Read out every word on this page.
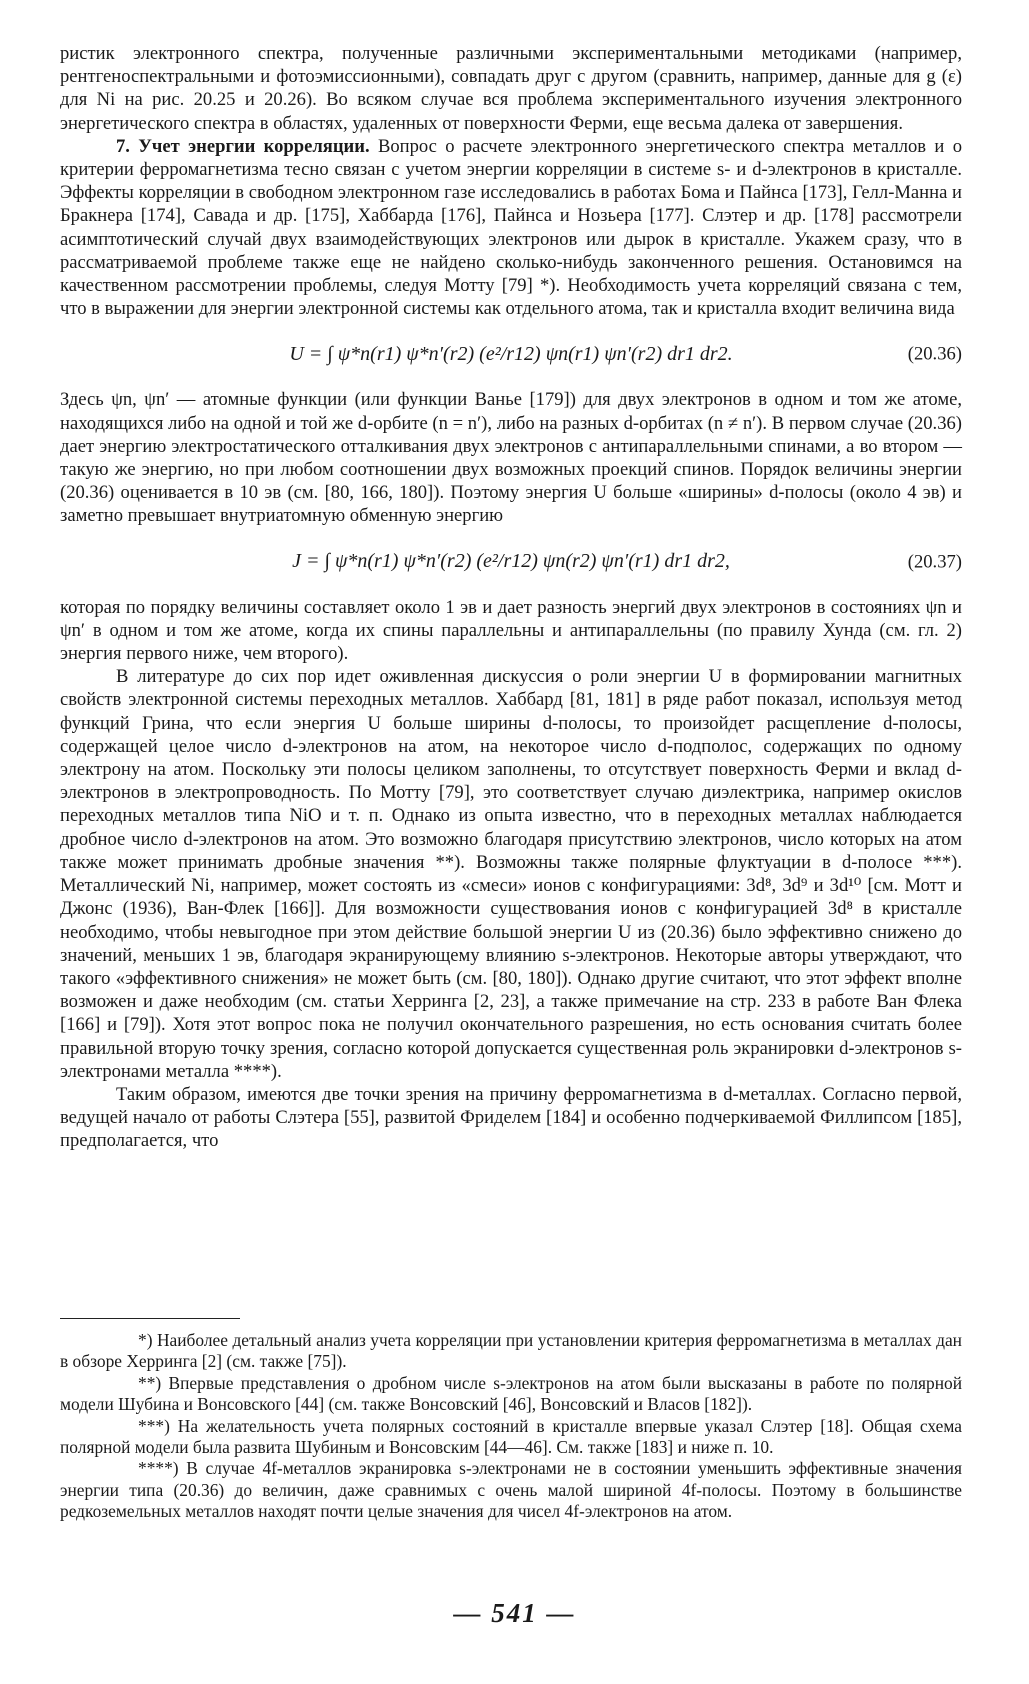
ристик электронного спектра, полученные различными экспериментальными методиками (например, рентгеноспектральными и фотоэмиссионными), совпадать друг с другом (сравнить, например, данные для g (ε) для Ni на рис. 20.25 и 20.26). Во всяком случае вся проблема экспериментального изучения электронного энергетического спектра в областях, удаленных от поверхности Ферми, еще весьма далека от завершения.

7. Учет энергии корреляции. Вопрос о расчете электронного энергетического спектра металлов и о критерии ферромагнетизма тесно связан с учетом энергии корреляции в системе s- и d-электронов в кристалле. Эффекты корреляции в свободном электронном газе исследовались в работах Бома и Пайнса [173], Гелл-Манна и Бракнера [174], Савада и др. [175], Хаббарда [176], Пайнса и Нозьера [177]. Слэтер и др. [178] рассмотрели асимптотический случай двух взаимодействующих электронов или дырок в кристалле. Укажем сразу, что в рассматриваемой проблеме также еще не найдено сколько-нибудь законченного решения. Остановимся на качественном рассмотрении проблемы, следуя Мотту [79] *). Необходимость учета корреляций связана с тем, что в выражении для энергии электронной системы как отдельного атома, так и кристалла входит величина вида

U = ∫ ψ*n(r1) ψ*n′(r2) (e²/r12) ψn(r1) ψn′(r2) dr1 dr2.	(20.36)

Здесь ψn, ψn′ — атомные функции (или функции Ванье [179]) для двух электронов в одном и том же атоме, находящихся либо на одной и той же d-орбите (n = n′), либо на разных d-орбитах (n ≠ n′). В первом случае (20.36) дает энергию электростатического отталкивания двух электронов с антипараллельными спинами, а во втором — такую же энергию, но при любом соотношении двух возможных проекций спинов. Порядок величины энергии (20.36) оценивается в 10 эв (см. [80, 166, 180]). Поэтому энергия U больше «ширины» d-полосы (около 4 эв) и заметно превышает внутриатомную обменную энергию

J = ∫ ψ*n(r1) ψ*n′(r2) (e²/r12) ψn(r2) ψn′(r1) dr1 dr2,	(20.37)

которая по порядку величины составляет около 1 эв и дает разность энергий двух электронов в состояниях ψn и ψn′ в одном и том же атоме, когда их спины параллельны и антипараллельны (по правилу Хунда (см. гл. 2) энергия первого ниже, чем второго).

В литературе до сих пор идет оживленная дискуссия о роли энергии U в формировании магнитных свойств электронной системы переходных металлов. Хаббард [81, 181] в ряде работ показал, используя метод функций Грина, что если энергия U больше ширины d-полосы, то произойдет расщепление d-полосы, содержащей целое число d-электронов на атом, на некоторое число d-подполос, содержащих по одному электрону на атом. Поскольку эти полосы целиком заполнены, то отсутствует поверхность Ферми и вклад d-электронов в электропроводность. По Мотту [79], это соответствует случаю диэлектрика, например окислов переходных металлов типа NiO и т. п. Однако из опыта известно, что в переходных металлах наблюдается дробное число d-электронов на атом. Это возможно благодаря присутствию электронов, число которых на атом также может принимать дробные значения **). Возможны также полярные флуктуации в d-полосе ***). Металлический Ni, например, может состоять из «смеси» ионов с конфигурациями: 3d⁸, 3d⁹ и 3d¹⁰ [см. Мотт и Джонс (1936), Ван-Флек [166]]. Для возможности существования ионов с конфигурацией 3d⁸ в кристалле необходимо, чтобы невыгодное при этом действие большой энергии U из (20.36) было эффективно снижено до значений, меньших 1 эв, благодаря экранирующему влиянию s-электронов. Некоторые авторы утверждают, что такого «эффективного снижения» не может быть (см. [80, 180]). Однако другие считают, что этот эффект вполне возможен и даже необходим (см. статьи Херринга [2, 23], а также примечание на стр. 233 в работе Ван Флека [166] и [79]). Хотя этот вопрос пока не получил окончательного разрешения, но есть основания считать более правильной вторую точку зрения, согласно которой допускается существенная роль экранировки d-электронов s-электронами металла ****).

Таким образом, имеются две точки зрения на причину ферромагнетизма в d-металлах. Согласно первой, ведущей начало от работы Слэтера [55], развитой Фриделем [184] и особенно подчеркиваемой Филлипсом [185], предполагается, что

*) Наиболее детальный анализ учета корреляции при установлении критерия ферромагнетизма в металлах дан в обзоре Херринга [2] (см. также [75]).

**) Впервые представления о дробном числе s-электронов на атом были высказаны в работе по полярной модели Шубина и Вонсовского [44] (см. также Вонсовский [46], Вонсовский и Власов [182]).

***) На желательность учета полярных состояний в кристалле впервые указал Слэтер [18]. Общая схема полярной модели была развита Шубиным и Вонсовским [44—46]. См. также [183] и ниже п. 10.

****) В случае 4f-металлов экранировка s-электронами не в состоянии уменьшить эффективные значения энергии типа (20.36) до величин, даже сравнимых с очень малой шириной 4f-полосы. Поэтому в большинстве редкоземельных металлов находят почти целые значения для чисел 4f-электронов на атом.

— 541 —
